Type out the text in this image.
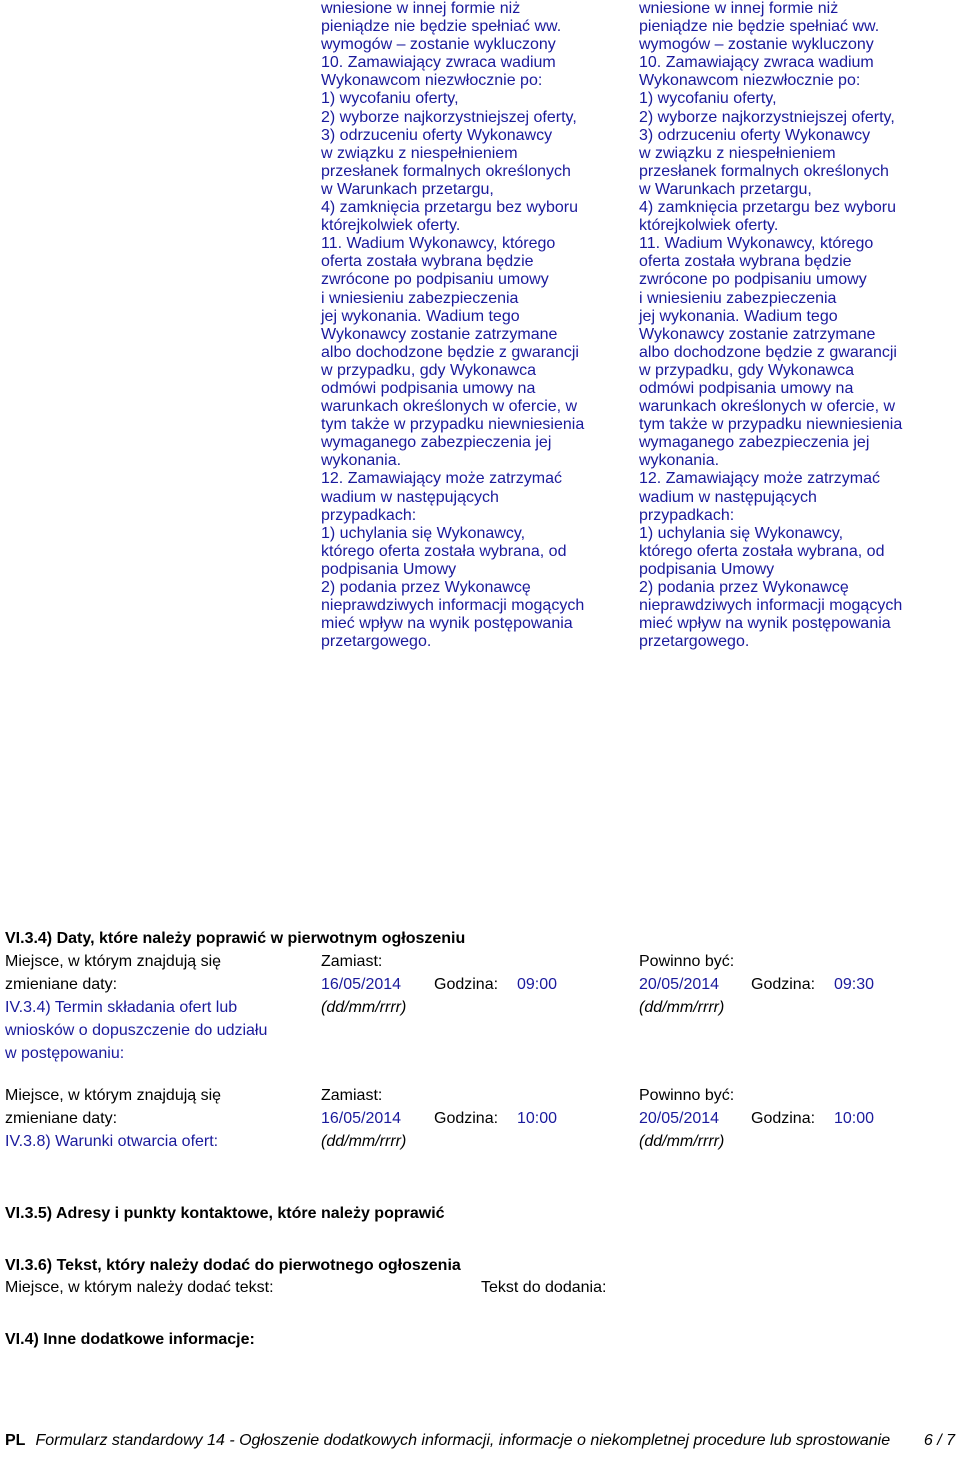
wniesione w innej formie niż
pieniądze nie będzie spełniać ww.
wymogów – zostanie wykluczony
10. Zamawiający zwraca wadium
Wykonawcom niezwłocznie po:
1) wycofaniu oferty,
2) wyborze najkorzystniejszej oferty,
3) odrzuceniu oferty Wykonawcy
w związku z niespełnieniem
przesłanek formalnych określonych
w Warunkach przetargu,
4) zamknięcia przetargu bez wyboru
którejkolwiek oferty.
11. Wadium Wykonawcy, którego
oferta została wybrana będzie
zwrócone po podpisaniu umowy
i wniesieniu zabezpieczenia
jej wykonania. Wadium tego
Wykonawcy zostanie zatrzymane
albo dochodzone będzie z gwarancji
w przypadku, gdy Wykonawca
odmówi podpisania umowy na
warunkach określonych w ofercie, w
tym także w przypadku niewniesienia
wymaganego zabezpieczenia jej
wykonania.
12. Zamawiający może zatrzymać
wadium w następujących
przypadkach:
1) uchylania się Wykonawcy,
którego oferta została wybrana, od
podpisania Umowy
2) podania przez Wykonawcę
nieprawdziwych informacji mogących
mieć wpływ na wynik postępowania
przetargowego.
wniesione w innej formie niż
pieniądze nie będzie spełniać ww.
wymogów – zostanie wykluczony
10. Zamawiający zwraca wadium
Wykonawcom niezwłocznie po:
1) wycofaniu oferty,
2) wyborze najkorzystniejszej oferty,
3) odrzuceniu oferty Wykonawcy
w związku z niespełnieniem
przesłanek formalnych określonych
w Warunkach przetargu,
4) zamknięcia przetargu bez wyboru
którejkolwiek oferty.
11. Wadium Wykonawcy, którego
oferta została wybrana będzie
zwrócone po podpisaniu umowy
i wniesieniu zabezpieczenia
jej wykonania. Wadium tego
Wykonawcy zostanie zatrzymane
albo dochodzone będzie z gwarancji
w przypadku, gdy Wykonawca
odmówi podpisania umowy na
warunkach określonych w ofercie, w
tym także w przypadku niewniesienia
wymaganego zabezpieczenia jej
wykonania.
12. Zamawiający może zatrzymać
wadium w następujących
przypadkach:
1) uchylania się Wykonawcy,
którego oferta została wybrana, od
podpisania Umowy
2) podania przez Wykonawcę
nieprawdziwych informacji mogących
mieć wpływ na wynik postępowania
przetargowego.
VI.3.4) Daty, które należy poprawić w pierwotnym ogłoszeniu
Miejsce, w którym znajdują się
zmieniane daty:
IV.3.4) Termin składania ofert lub
wniosków o dopuszczenie do udziału
w postępowaniu:
Zamiast:
16/05/2014 Godzina: 09:00
(dd/mm/rrrr)
Powinno być:
20/05/2014 Godzina: 09:30
(dd/mm/rrrr)
Miejsce, w którym znajdują się
zmieniane daty:
IV.3.8) Warunki otwarcia ofert:
Zamiast:
16/05/2014 Godzina: 10:00
(dd/mm/rrrr)
Powinno być:
20/05/2014 Godzina: 10:00
(dd/mm/rrrr)
VI.3.5) Adresy i punkty kontaktowe, które należy poprawić
VI.3.6) Tekst, który należy dodać do pierwotnego ogłoszenia
Miejsce, w którym należy dodać tekst:	Tekst do dodania:
VI.4) Inne dodatkowe informacje:
PL Formularz standardowy 14 - Ogłoszenie dodatkowych informacji, informacje o niekompletnej procedure lub sprostowanie 6 / 7
